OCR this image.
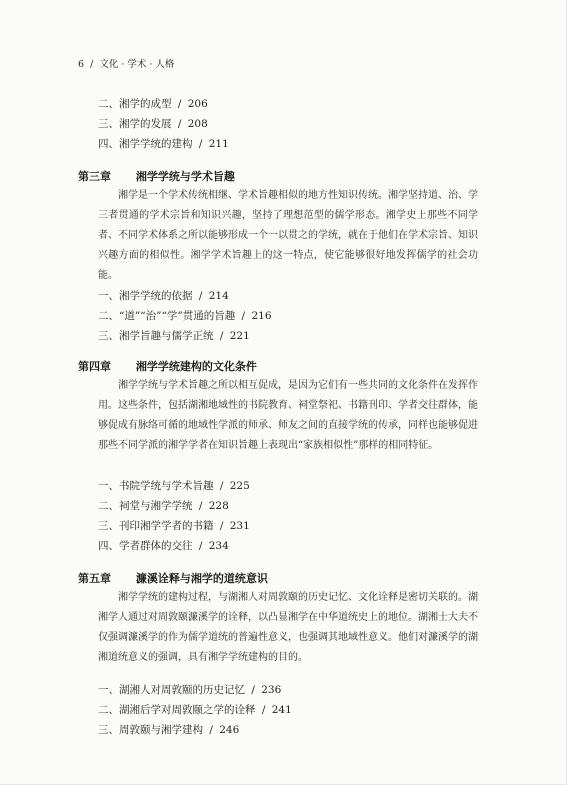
6 / 文化 · 学术 · 人格
二、湘学的成型 / 206
三、湘学的发展 / 208
四、湘学学统的建构 / 211
第三章 湘学学统与学术旨趣
湘学是一个学术传统相继、学术旨趣相似的地方性知识传统。湘学坚持道、治、学三者贯通的学术宗旨和知识兴趣，坚持了理想范型的儒学形态。湘学史上那些不同学者、不同学术体系之所以能够形成一个一以贯之的学统，就在于他们在学术宗旨、知识兴趣方面的相似性。湘学学术旨趣上的这一特点，使它能够很好地发挥儒学的社会功能。
一、湘学学统的依据 / 214
二、“道”“治”“学”贯通的旨趣 / 216
三、湘学旨趣与儒学正统 / 221
第四章 湘学学统建构的文化条件
湘学学统与学术旨趣之所以相互促成，是因为它们有一些共同的文化条件在发挥作用。这些条件，包括湖湘地域性的书院教育、祠堂祭祀、书籍刊印、学者交往群体，能够促成有脉络可循的地域性学派的师承、师友之间的直接学统的传承，同样也能够促进那些不同学派的湘学学者在知识旨趣上表现出“家族相似性”那样的相同特征。
一、书院学统与学术旨趣 / 225
二、祠堂与湘学学统 / 228
三、刊印湘学学者的书籍 / 231
四、学者群体的交往 / 234
第五章 濂溪诠释与湘学的道统意识
湘学学统的建构过程，与湖湘人对周敦颐的历史记忆、文化诠释是密切关联的。湖湘学人通过对周敦颐濂溪学的诠释，以凸显湘学在中华道统史上的地位。湖湘士大夫不仅强调濂溪学的作为儒学道统的普遍性意义，也强调其地域性意义。他们对濂溪学的湖湘道统意义的强调，具有湘学学统建构的目的。
一、湖湘人对周敦颐的历史记忆 / 236
二、湖湘后学对周敦颐之学的诠释 / 241
三、周敦颐与湘学建构 / 246
